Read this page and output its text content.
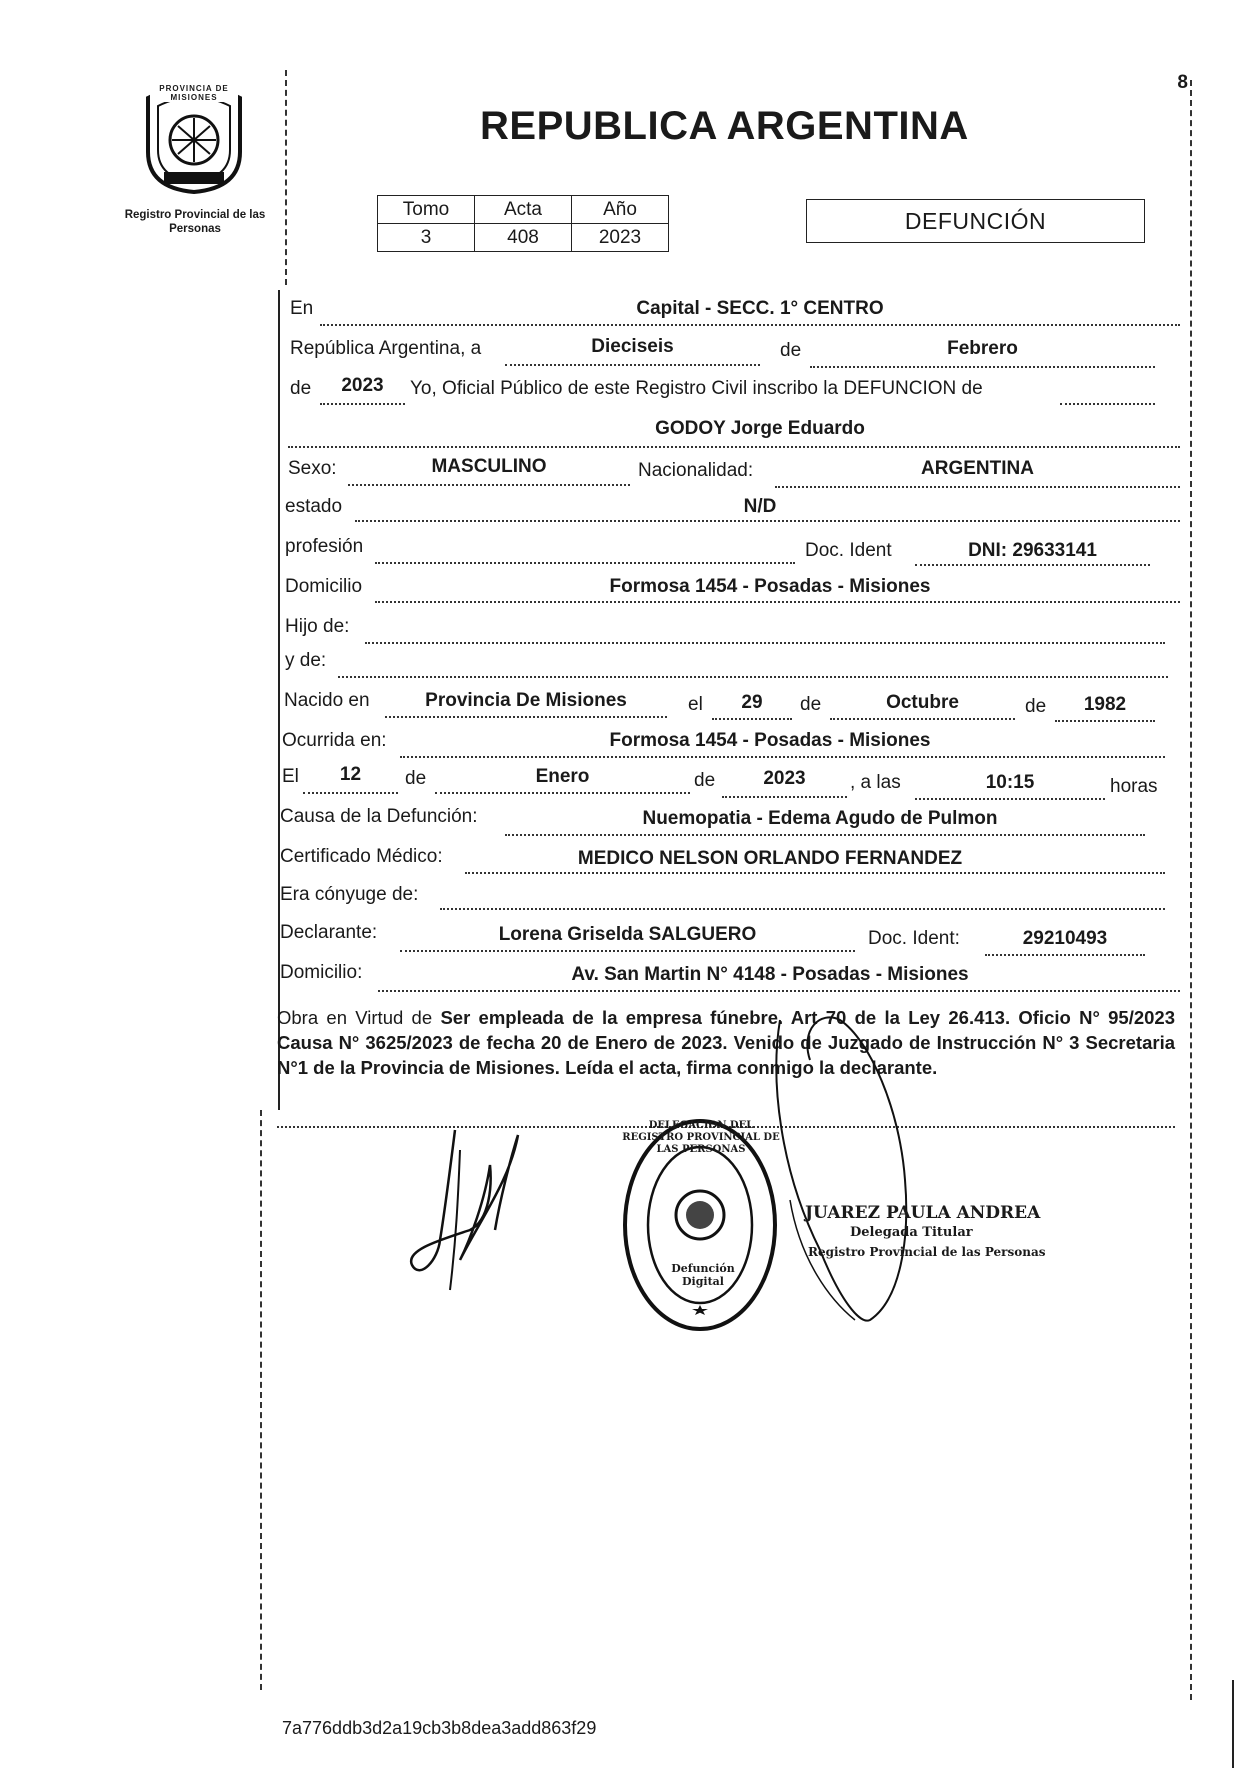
PROVINCIA DE MISIONES
Registro Provincial de las Personas
REPUBLICA ARGENTINA
8
Tomo	Acta	Año
3	408	2023
DEFUNCIÓN
En	Capital - SECC. 1° CENTRO
República Argentina, a	Dieciseis	de	Febrero
de	2023	Yo, Oficial Público de este Registro Civil inscribo la DEFUNCION de
GODOY Jorge Eduardo
Sexo:	MASCULINO	Nacionalidad:	ARGENTINA
estado	N/D
profesión	Doc. Ident	DNI: 29633141
Domicilio	Formosa 1454 - Posadas - Misiones
Hijo de:
y de:
Nacido en	Provincia De Misiones	el	29	de	Octubre	de	1982
Ocurrida en:	Formosa 1454 - Posadas - Misiones
El	12	de	Enero	de	2023	, a las	10:15	horas
Causa de la Defunción:	Nuemopatia - Edema Agudo de Pulmon
Certificado Médico:	MEDICO NELSON ORLANDO FERNANDEZ
Era cónyuge de:
Declarante:	Lorena Griselda SALGUERO	Doc. Ident:	29210493
Domicilio:	Av. San Martin N° 4148 - Posadas - Misiones
Obra en Virtud de Ser empleada de la empresa fúnebre. Art 70 de la Ley 26.413. Oficio N° 95/2023 Causa N° 3625/2023 de fecha 20 de Enero de 2023. Venido de Juzgado de Instrucción N° 3 Secretaria N°1 de la Provincia de Misiones. Leída el acta, firma conmigo la declarante.
DELEGACION DEL REGISTRO PROVINCIAL DE LAS PERSONAS
Defunción Digital
JUAREZ PAULA ANDREA
Delegada Titular
Registro Provincial de las Personas
7a776ddb3d2a19cb3b8dea3add863f29
